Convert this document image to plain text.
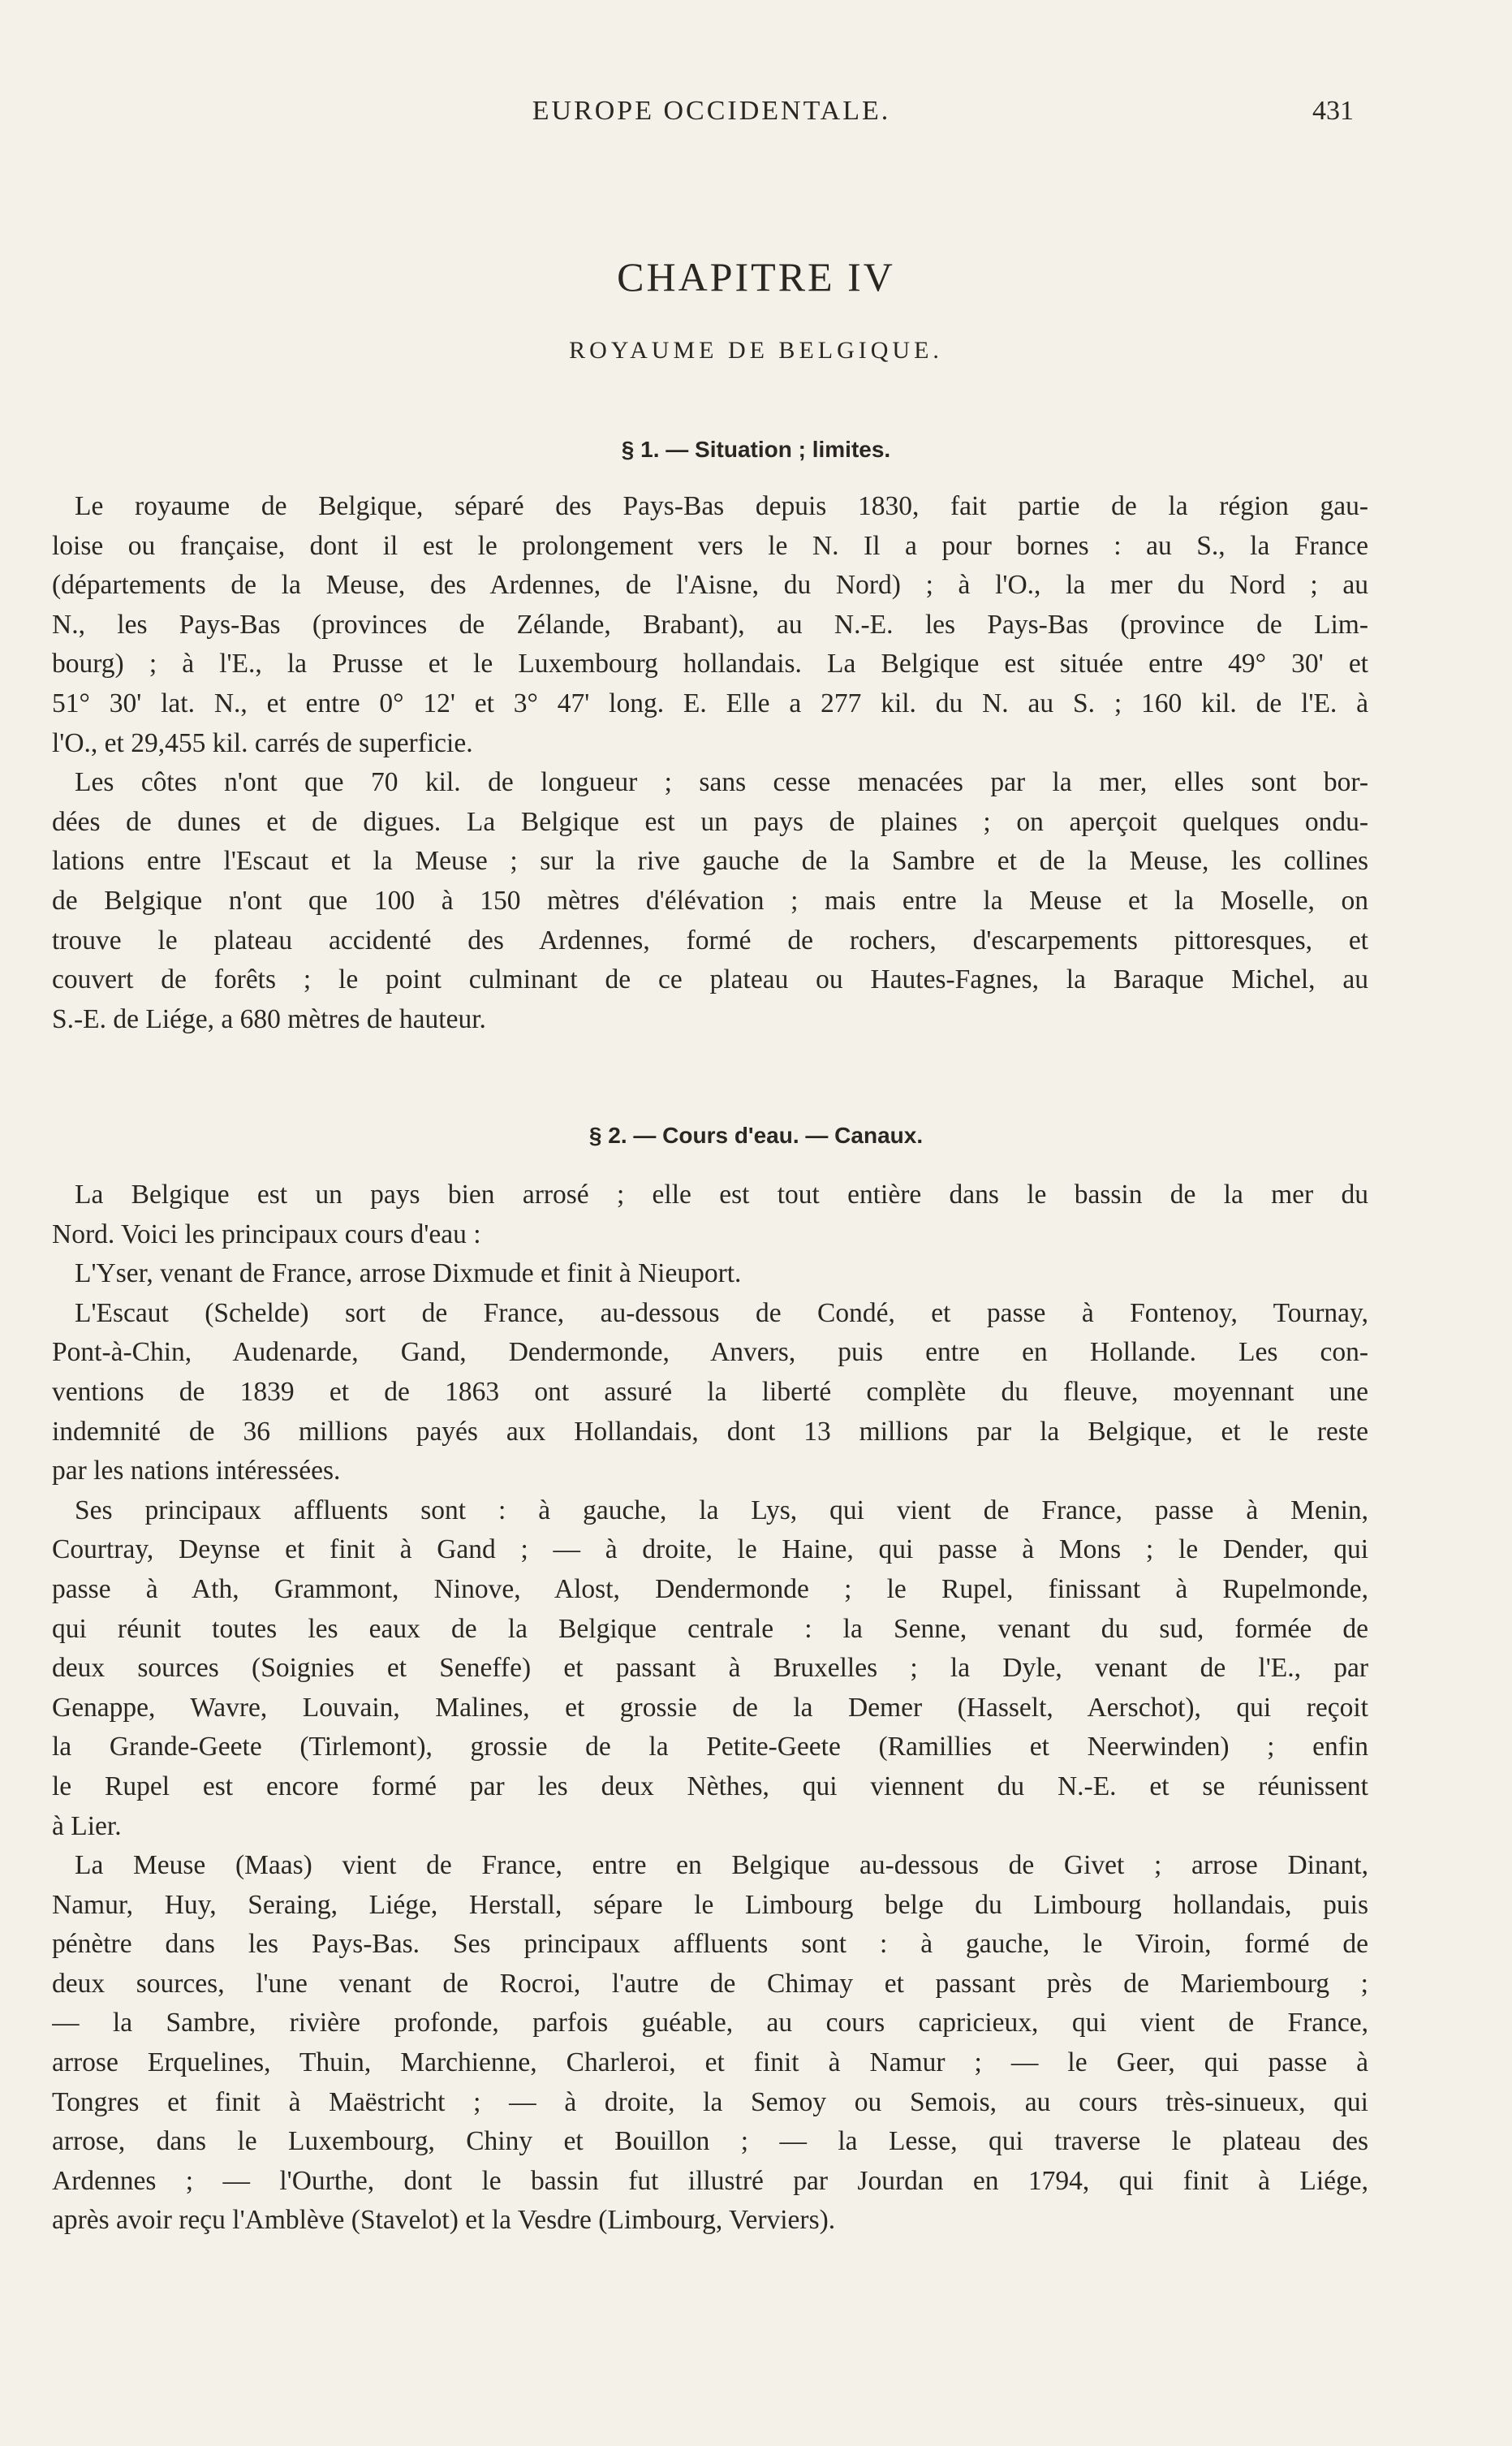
EUROPE OCCIDENTALE.	431
CHAPITRE IV
ROYAUME DE BELGIQUE.
§ 1. — Situation ; limites.
Le royaume de Belgique, séparé des Pays-Bas depuis 1830, fait partie de la région gau-
loise ou française, dont il est le prolongement vers le N. Il a pour bornes : au S., la France
(départements de la Meuse, des Ardennes, de l'Aisne, du Nord) ; à l'O., la mer du Nord ; au
N., les Pays-Bas (provinces de Zélande, Brabant), au N.-E. les Pays-Bas (province de Lim-
bourg) ; à l'E., la Prusse et le Luxembourg hollandais. La Belgique est située entre 49° 30' et
51° 30' lat. N., et entre 0° 12' et 3° 47' long. E. Elle a 277 kil. du N. au S. ; 160 kil. de l'E. à
l'O., et 29,455 kil. carrés de superficie.
Les côtes n'ont que 70 kil. de longueur ; sans cesse menacées par la mer, elles sont bor-
dées de dunes et de digues. La Belgique est un pays de plaines ; on aperçoit quelques ondu-
lations entre l'Escaut et la Meuse ; sur la rive gauche de la Sambre et de la Meuse, les collines
de Belgique n'ont que 100 à 150 mètres d'élévation ; mais entre la Meuse et la Moselle, on
trouve le plateau accidenté des Ardennes, formé de rochers, d'escarpements pittoresques, et
couvert de forêts ; le point culminant de ce plateau ou Hautes-Fagnes, la Baraque Michel, au
S.-E. de Liége, a 680 mètres de hauteur.
§ 2. — Cours d'eau. — Canaux.
La Belgique est un pays bien arrosé ; elle est tout entière dans le bassin de la mer du
Nord. Voici les principaux cours d'eau :
L'Yser, venant de France, arrose Dixmude et finit à Nieuport.
L'Escaut (Schelde) sort de France, au-dessous de Condé, et passe à Fontenoy, Tournay,
Pont-à-Chin, Audenarde, Gand, Dendermonde, Anvers, puis entre en Hollande. Les con-
ventions de 1839 et de 1863 ont assuré la liberté complète du fleuve, moyennant une
indemnité de 36 millions payés aux Hollandais, dont 13 millions par la Belgique, et le reste
par les nations intéressées.
Ses principaux affluents sont : à gauche, la Lys, qui vient de France, passe à Menin,
Courtray, Deynse et finit à Gand ; — à droite, le Haine, qui passe à Mons ; le Dender, qui
passe à Ath, Grammont, Ninove, Alost, Dendermonde ; le Rupel, finissant à Rupelmonde,
qui réunit toutes les eaux de la Belgique centrale : la Senne, venant du sud, formée de
deux sources (Soignies et Seneffe) et passant à Bruxelles ; la Dyle, venant de l'E., par
Genappe, Wavre, Louvain, Malines, et grossie de la Demer (Hasselt, Aerschot), qui reçoit
la Grande-Geete (Tirlemont), grossie de la Petite-Geete (Ramillies et Neerwinden) ; enfin
le Rupel est encore formé par les deux Nèthes, qui viennent du N.-E. et se réunissent
à Lier.
La Meuse (Maas) vient de France, entre en Belgique au-dessous de Givet ; arrose Dinant,
Namur, Huy, Seraing, Liége, Herstall, sépare le Limbourg belge du Limbourg hollandais, puis
pénètre dans les Pays-Bas. Ses principaux affluents sont : à gauche, le Viroin, formé de
deux sources, l'une venant de Rocroi, l'autre de Chimay et passant près de Mariembourg ;
— la Sambre, rivière profonde, parfois guéable, au cours capricieux, qui vient de France,
arrose Erquelines, Thuin, Marchienne, Charleroi, et finit à Namur ; — le Geer, qui passe à
Tongres et finit à Maëstricht ; — à droite, la Semoy ou Semois, au cours très-sinueux, qui
arrose, dans le Luxembourg, Chiny et Bouillon ; — la Lesse, qui traverse le plateau des
Ardennes ; — l'Ourthe, dont le bassin fut illustré par Jourdan en 1794, qui finit à Liége,
après avoir reçu l'Amblève (Stavelot) et la Vesdre (Limbourg, Verviers).
